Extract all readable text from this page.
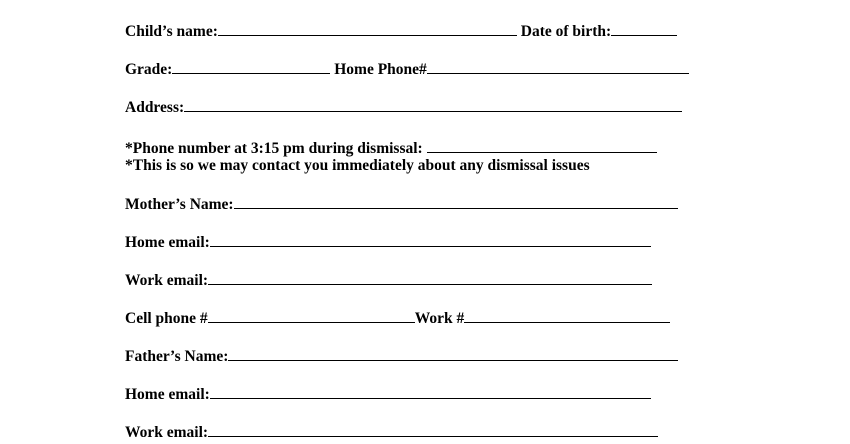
Child’s name:	Date of birth:
Grade:	Home Phone#
Address:
*Phone number at 3:15 pm during dismissal:
*This is so we may contact you immediately about any dismissal issues
Mother’s Name:
Home email:
Work email:
Cell phone #	Work #
Father’s Name:
Home email:
Work email:
